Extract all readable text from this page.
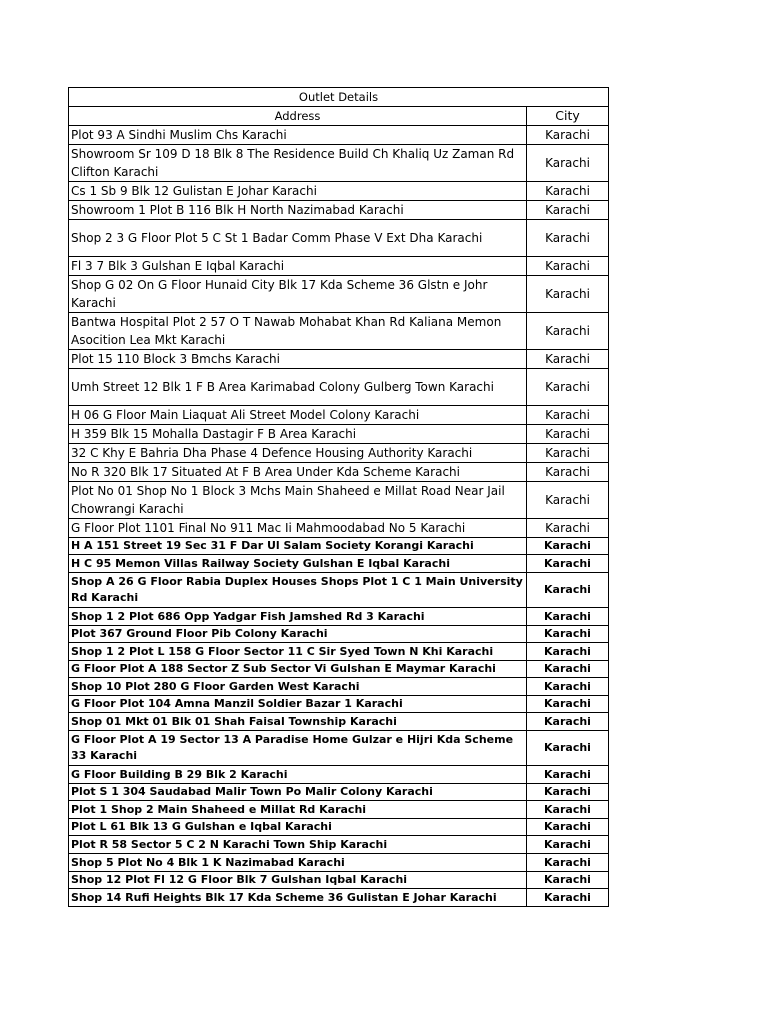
Outlet Details	
Address	City
Plot 93 A Sindhi Muslim Chs Karachi	Karachi
Showroom Sr 109 D 18 Blk 8 The Residence Build Ch Khaliq Uz Zaman Rd Clifton Karachi	Karachi
Cs 1 Sb 9 Blk 12 Gulistan E Johar Karachi	Karachi
Showroom 1 Plot B 116 Blk H North Nazimabad Karachi	Karachi
Shop 2 3 G Floor Plot 5 C St 1 Badar Comm Phase V Ext Dha Karachi	Karachi
Fl 3 7 Blk 3 Gulshan E Iqbal Karachi	Karachi
Shop G 02 On G Floor Hunaid City Blk 17 Kda Scheme 36 Glstn e Johr Karachi	Karachi
Bantwa Hospital Plot 2 57 O T Nawab Mohabat Khan Rd Kaliana Memon Asocition Lea Mkt Karachi	Karachi
Plot 15 110 Block 3 Bmchs Karachi	Karachi
Umh Street 12 Blk 1 F B Area Karimabad Colony Gulberg Town Karachi	Karachi
H 06 G Floor Main Liaquat Ali Street Model Colony Karachi	Karachi
H 359 Blk 15 Mohalla Dastagir F B Area Karachi	Karachi
32 C Khy E Bahria Dha Phase 4 Defence Housing Authority Karachi	Karachi
No R 320 Blk 17 Situated At F B Area Under Kda Scheme Karachi	Karachi
Plot No 01 Shop No 1 Block 3 Mchs Main Shaheed e Millat Road Near Jail Chowrangi Karachi	Karachi
G Floor Plot 1101 Final No 911 Mac Ii Mahmoodabad No 5 Karachi	Karachi
H A 151 Street 19 Sec 31 F Dar Ul Salam Society Korangi Karachi	Karachi
H C 95 Memon Villas Railway Society Gulshan E Iqbal Karachi	Karachi
Shop A 26 G Floor Rabia Duplex Houses Shops Plot 1 C 1 Main University Rd Karachi	Karachi
Shop 1 2 Plot 686 Opp Yadgar Fish Jamshed Rd 3 Karachi	Karachi
Plot 367 Ground Floor Pib Colony Karachi	Karachi
Shop 1 2 Plot L 158 G Floor Sector 11 C Sir Syed Town N Khi Karachi	Karachi
G Floor Plot A 188 Sector Z Sub Sector Vi Gulshan E Maymar Karachi	Karachi
Shop 10 Plot 280 G Floor Garden West Karachi	Karachi
G Floor Plot 104 Amna Manzil Soldier Bazar 1 Karachi	Karachi
Shop 01 Mkt 01 Blk 01 Shah Faisal Township Karachi	Karachi
G Floor Plot A 19 Sector 13 A Paradise Home Gulzar e Hijri Kda Scheme 33 Karachi	Karachi
G Floor Building B 29 Blk 2 Karachi	Karachi
Plot S 1 304 Saudabad Malir Town Po Malir Colony Karachi	Karachi
Plot 1 Shop 2 Main Shaheed e Millat Rd Karachi	Karachi
Plot L 61 Blk 13 G Gulshan e Iqbal Karachi	Karachi
Plot R 58 Sector 5 C 2 N Karachi Town Ship Karachi	Karachi
Shop 5 Plot No 4 Blk 1 K Nazimabad Karachi	Karachi
Shop 12 Plot Fl 12 G Floor Blk 7 Gulshan Iqbal Karachi	Karachi
Shop 14 Rufi Heights Blk 17 Kda Scheme 36 Gulistan E Johar Karachi	Karachi
